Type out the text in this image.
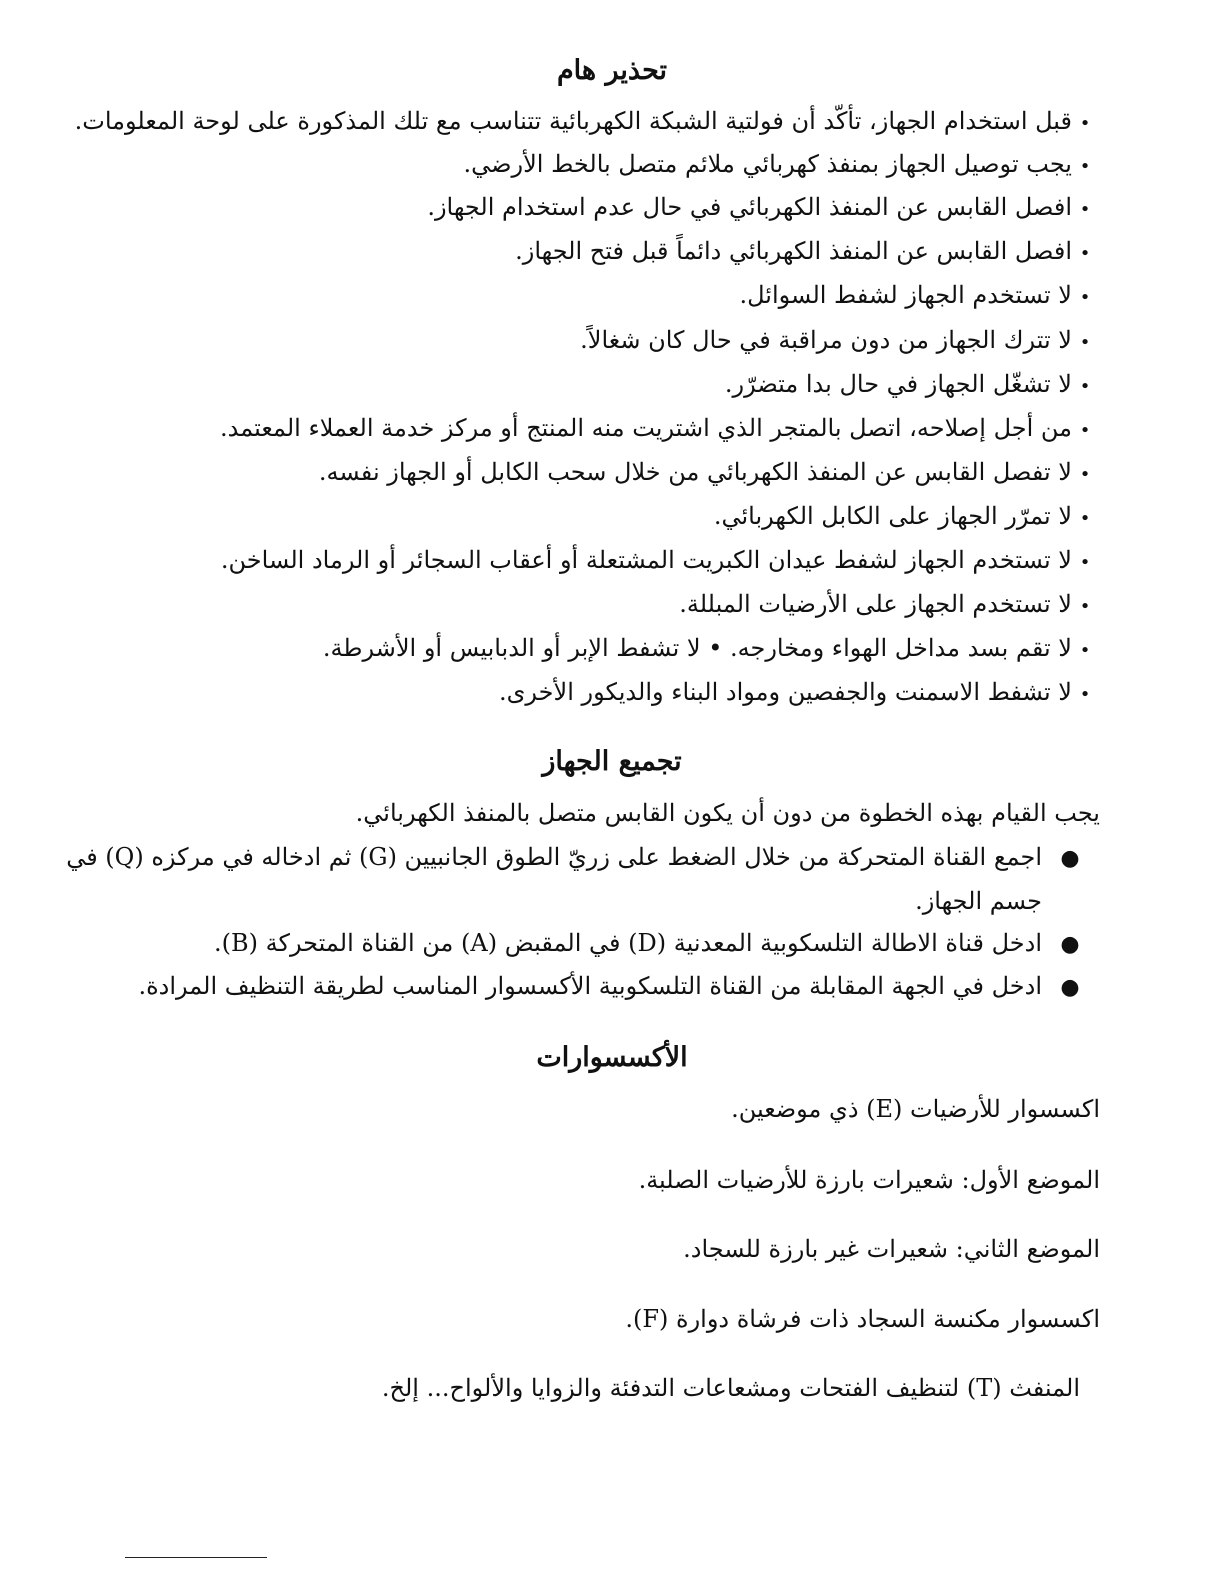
تحذير هام

•قبل استخدام الجهاز، تأكّد أن فولتية الشبكة الكهربائية تتناسب مع تلك المذكورة على لوحة المعلومات.

•يجب توصيل الجهاز بمنفذ كهربائي ملائم متصل بالخط الأرضي.

•افصل القابس عن المنفذ الكهربائي في حال عدم استخدام الجهاز.

•افصل القابس عن المنفذ الكهربائي دائماً قبل فتح الجهاز.

•لا تستخدم الجهاز لشفط السوائل.

•لا تترك الجهاز من دون مراقبة في حال كان شغالاً.

•لا تشغّل الجهاز في حال بدا متضرّر.

•من أجل إصلاحه، اتصل بالمتجر الذي اشتريت منه المنتج أو مركز خدمة العملاء المعتمد.

•لا تفصل القابس عن المنفذ الكهربائي من خلال سحب الكابل أو الجهاز نفسه.

•لا تمرّر الجهاز على الكابل الكهربائي.

•لا تستخدم الجهاز لشفط عيدان الكبريت المشتعلة أو أعقاب السجائر أو الرماد الساخن.

•لا تستخدم الجهاز على الأرضيات المبللة.

•لا تقم بسد مداخل الهواء ومخارجه. • لا تشفط الإبر أو الدبابيس أو الأشرطة.

•لا تشفط الاسمنت والجفصين ومواد البناء والديكور الأخرى.

تجميع الجهاز

يجب القيام بهذه الخطوة من دون أن يكون القابس متصل بالمنفذ الكهربائي.

●اجمع القناة المتحركة من خلال الضغط على زريّ الطوق الجانبيين (G) ثم ادخاله في مركزه (Q) في

جسم الجهاز.

●ادخل قناة الاطالة التلسكوبية المعدنية (D) في المقبض (A) من القناة المتحركة (B).

●ادخل في الجهة المقابلة من القناة التلسكوبية الأكسسوار المناسب لطريقة التنظيف المرادة.

الأكسسوارات

اكسسوار للأرضيات (E) ذي موضعين.

الموضع الأول: شعيرات بارزة للأرضيات الصلبة.

الموضع الثاني: شعيرات غير بارزة للسجاد.

اكسسوار مكنسة السجاد ذات فرشاة دوارة (F).

المنفث (T) لتنظيف الفتحات ومشعاعات التدفئة والزوايا والألواح... إلخ.
